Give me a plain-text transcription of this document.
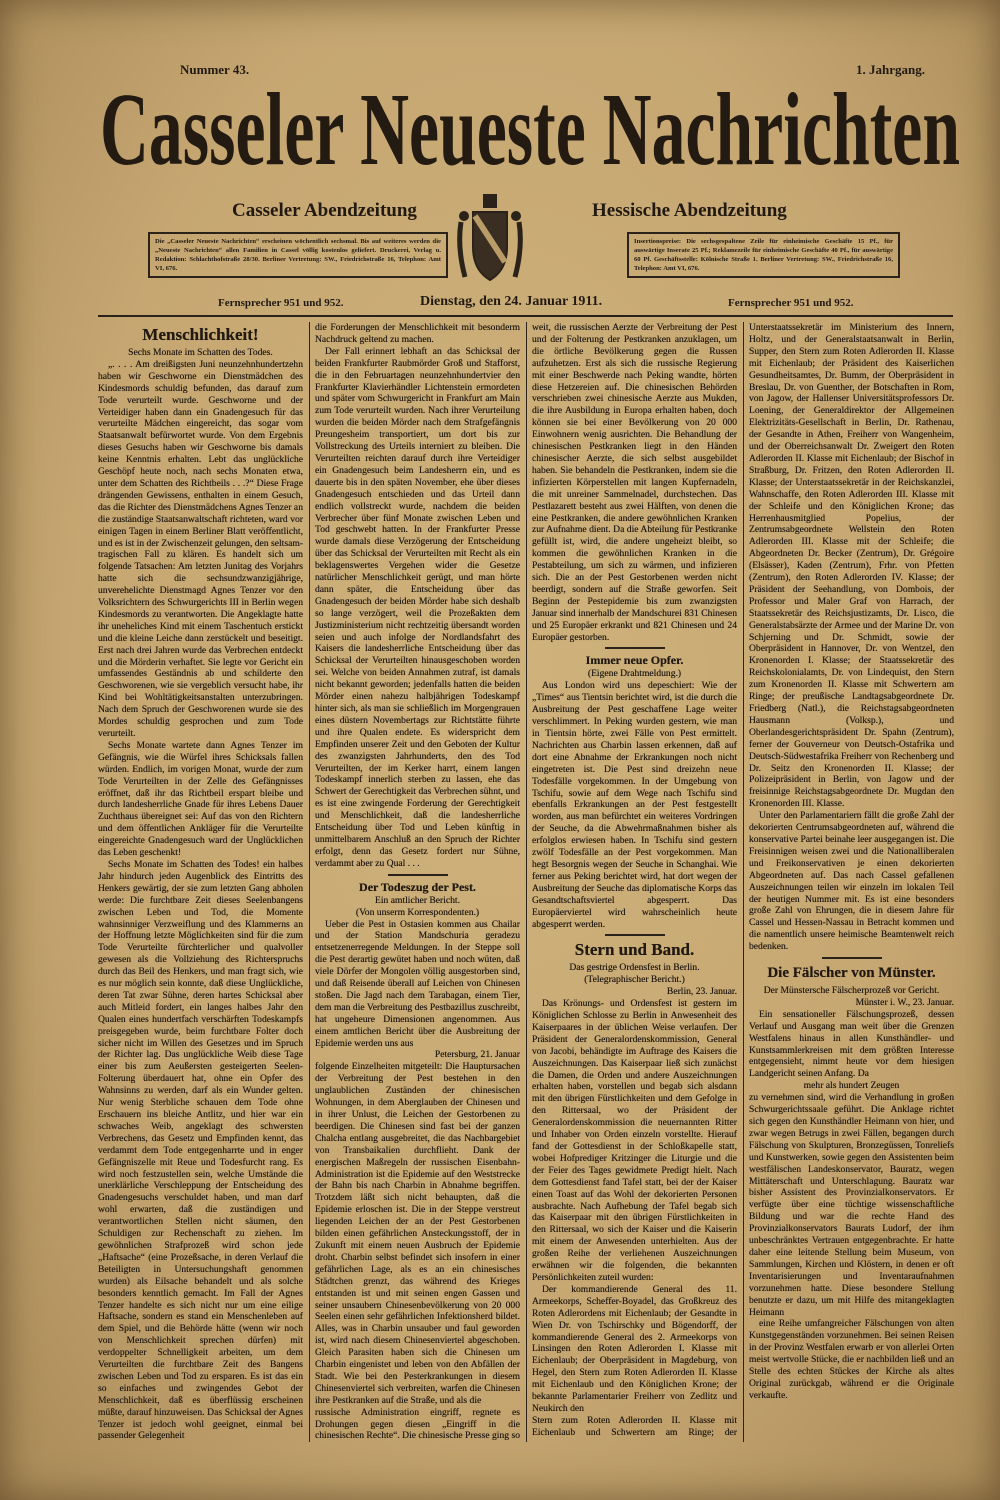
Nummer 43.	1. Jahrgang.
Casseler Neueste Nachrichten
Casseler Abendzeitung	Hessische Abendzeitung
Die „Casseler Neueste Nachrichten“ erscheinen wöchentlich sechsmal. Bis auf weiteres werden die „Neueste Nachrichten“ allen Familien in Cassel völlig kostenlos geliefert. Druckerei, Verlag u. Redaktion: Schlachthofstraße 28/30. Berliner Vertretung: SW., Friedrichstraße 16, Telephon: Amt VI, 676.
Insertionspreise: Die sechsgespaltene Zeile für einheimische Geschäfte 15 Pf., für auswärtige Inserate 25 Pf.; Reklamezeile für einheimische Geschäfte 40 Pf., für auswärtige 60 Pf. Geschäftsstelle: Kölnische Straße 1. Berliner Vertretung: SW., Friedrichstraße 16, Telephon: Amt VI, 676.
Fernsprecher 951 und 952.	Dienstag, den 24. Januar 1911.	Fernsprecher 951 und 952.
Menschlichkeit!

Sechs Monate im Schatten des Todes.

„. . . . Am dreißigsten Juni neunzehnhundertzehn haben wir Geschworne ein Dienstmädchen des Kindesmords schuldig befunden, das darauf zum Tode verurteilt wurde. Geschworne und der Verteidiger haben dann ein Gnadengesuch für das verurteilte Mädchen eingereicht, das sogar vom Staatsanwalt befürwortet wurde. Von dem Ergebnis dieses Gesuchs haben wir Geschworne bis damals keine Kenntnis erhalten. Lebt das unglückliche Geschöpf heute noch, nach sechs Monaten etwa, unter dem Schatten des Richtbeils . . .?“ Diese Frage drängenden Gewissens, enthalten in einem Gesuch, das die Richter des Dienstmädchens Agnes Tenzer an die zuständige Staatsanwaltschaft richteten, ward vor einigen Tagen in einem Berliner Blatt veröffentlicht, und es ist in der Zwischenzeit gelungen, den seltsam-tragischen Fall zu klären. Es handelt sich um folgende Tatsachen: Am letzten Junitag des Vorjahrs hatte sich die sechsundzwanzigjährige, unverehelichte Dienstmagd Agnes Tenzer vor den Volksrichtern des Schwurgerichts III in Berlin wegen Kindesmords zu verantworten. Die Angeklagte hatte ihr uneheliches Kind mit einem Taschentuch erstickt und die kleine Leiche dann zerstückelt und beseitigt. Erst nach drei Jahren wurde das Verbrechen entdeckt und die Mörderin verhaftet. Sie legte vor Gericht ein umfassendes Geständnis ab und schilderte den Geschworenen, wie sie vergeblich versucht habe, ihr Kind bei Wohltätigkeitsanstalten unterzubringen. Nach dem Spruch der Geschworenen wurde sie des Mordes schuldig gesprochen und zum Tode verurteilt.

Sechs Monate wartete dann Agnes Tenzer im Gefängnis, wie die Würfel ihres Schicksals fallen würden. Endlich, im vorigen Monat, wurde der zum Tode Verurteilten in der Zelle des Gefängnisses eröffnet, daß ihr das Richtbeil erspart bleibe und durch landesherrliche Gnade für ihres Lebens Dauer Zuchthaus übereignet sei: Auf das von den Richtern und dem öffentlichen Ankläger für die Verurteilte eingereichte Gnadengesuch ward der Unglücklichen das Leben geschenkt!

Sechs Monate im Schatten des Todes! ein halbes Jahr hindurch jeden Augenblick des Eintritts des Henkers gewärtig, der sie zum letzten Gang abholen werde: Die furchtbare Zeit dieses Seelenbangens zwischen Leben und Tod, die Momente wahnsinniger Verzweiflung und des Klammerns an der Hoffnung letzte Möglichkeiten sind für die zum Tode Verurteilte fürchterlicher und qualvoller gewesen als die Vollziehung des Richterspruchs durch das Beil des Henkers, und man fragt sich, wie es nur möglich sein konnte, daß diese Unglückliche, deren Tat zwar Sühne, deren hartes Schicksal aber auch Mitleid fordert, ein langes halbes Jahr den Qualen eines hundertfach verschärften Todeskampfs preisgegeben wurde, beim furchtbare Folter doch sicher nicht im Willen des Gesetzes und im Spruch der Richter lag. Das unglückliche Weib diese Tage einer bis zum Aeußersten gesteigerten Seelen-Folterung überdauert hat, ohne ein Opfer des Wahnsinns zu werden, darf als ein Wunder gelten. Nur wenig Sterbliche schauen dem Tode ohne Erschauern ins bleiche Antlitz, und hier war ein schwaches Weib, angeklagt des schwersten Verbrechens, das Gesetz und Empfinden kennt, das verdammt dem Tode entgegenharrte und in enger Gefängniszelle mit Reue und Todesfurcht rang. Es wird noch festzustellen sein, welche Umstände die unerklärliche Verschleppung der Entscheidung des Gnadengesuchs verschuldet haben, und man darf wohl erwarten, daß die zuständigen und verantwortlichen Stellen nicht säumen, den Schuldigen zur Rechenschaft zu ziehen. Im gewöhnlichen Strafprozeß wird schon jede „Haftsache“ (eine Prozeßsache, in deren Verlauf die Beteiligten in Untersuchungshaft genommen wurden) als Eilsache behandelt und als solche besonders kenntlich gemacht. Im Fall der Agnes Tenzer handelte es sich nicht nur um eine eilige Haftsache, sondern es stand ein Menschenleben auf dem Spiel, und die Behörde hätte (wenn wir noch von Menschlichkeit sprechen dürfen) mit verdoppelter Schnelligkeit arbeiten, um dem Verurteilten die furchtbare Zeit des Bangens zwischen Leben und Tod zu ersparen. Es ist das ein so einfaches und zwingendes Gebot der Menschlichkeit, daß es überflüssig erscheinen müßte, darauf hinzuweisen. Das Schicksal der Agnes Tenzer ist jedoch wohl geeignet, einmal bei passender Gelegenheit

die Forderungen der Menschlichkeit mit besonderm Nachdruck geltend zu machen.

Der Fall erinnert lebhaft an das Schicksal der beiden Frankfurter Raubmörder Groß und Stafforst, die in den Februartagen neunzehnhundertvier den Frankfurter Klavierhändler Lichtenstein ermordeten und später vom Schwurgericht in Frankfurt am Main zum Tode verurteilt wurden. Nach ihrer Verurteilung wurden die beiden Mörder nach dem Strafgefängnis Preungesheim transportiert, um dort bis zur Vollstreckung des Urteils interniert zu bleiben. Die Verurteilten reichten darauf durch ihre Verteidiger ein Gnadengesuch beim Landesherrn ein, und es dauerte bis in den späten November, ehe über dieses Gnadengesuch entschieden und das Urteil dann endlich vollstreckt wurde, nachdem die beiden Verbrecher über fünf Monate zwischen Leben und Tod geschwebt hatten. In der Frankfurter Presse wurde damals diese Verzögerung der Entscheidung über das Schicksal der Verurteilten mit Recht als ein beklagenswertes Vergehen wider die Gesetze natürlicher Menschlichkeit gerügt, und man hörte dann später, die Entscheidung über das Gnadengesuch der beiden Mörder habe sich deshalb so lange verzögert, weil die Prozeßakten dem Justizministerium nicht rechtzeitig übersandt worden seien und auch infolge der Nordlandsfahrt des Kaisers die landesherrliche Entscheidung über das Schicksal der Verurteilten hinausgeschoben worden sei. Welche von beiden Annahmen zutraf, ist damals nicht bekannt geworden; jedenfalls hatten die beiden Mörder einen nahezu halbjährigen Todeskampf hinter sich, als man sie schließlich im Morgengrauen eines düstern Novembertags zur Richtstätte führte und ihre Qualen endete. Es widerspricht dem Empfinden unserer Zeit und den Geboten der Kultur des zwanzigsten Jahrhunderts, den des Tod Verurteilten, der im Kerker harrt, einem langen Todeskampf innerlich sterben zu lassen, ehe das Schwert der Gerechtigkeit das Verbrechen sühnt, und es ist eine zwingende Forderung der Gerechtigkeit und Menschlichkeit, daß die landesherrliche Entscheidung über Tod und Leben künftig in unmittelbarem Anschluß an den Spruch der Richter erfolgt, denn das Gesetz fordert nur Sühne, verdammt aber zu Qual . . .

Der Todeszug der Pest.

Ein amtlicher Bericht.

(Von unserm Korrespondenten.)

Ueber die Pest in Ostasien kommen aus Chailar und der Station Mandschuria geradezu entsetzenerregende Meldungen. In der Steppe soll die Pest derartig gewütet haben und noch wüten, daß viele Dörfer der Mongolen völlig ausgestorben sind, und daß Reisende überall auf Leichen von Chinesen stoßen. Die Jagd nach dem Tarabagan, einem Tier, dem man die Verbreitung des Pestbazillus zuschreibt, hat ungeheure Dimensionen angenommen. Aus einem amtlichen Bericht über die Ausbreitung der Epidemie werden uns aus

Petersburg, 21. Januar

folgende Einzelheiten mitgeteilt: Die Hauptursachen der Verbreitung der Pest bestehen in den unglaublichen Zuständen der chinesischen Wohnungen, in dem Aberglauben der Chinesen und in ihrer Unlust, die Leichen der Gestorbenen zu beerdigen. Die Chinesen sind fast bei der ganzen Chalcha entlang ausgebreitet, die das Nachbargebiet von Transbaikalien durchflieht. Dank der energischen Maßregeln der russischen Eisenbahn-Administration ist die Epidemie auf den Weststrecke der Bahn bis nach Charbin in Abnahme begriffen. Trotzdem läßt sich nicht behaupten, daß die Epidemie erloschen ist. Die in der Steppe verstreut liegenden Leichen der an der Pest Gestorbenen bilden einen gefährlichen Ansteckungsstoff, der in Zukunft mit einem neuen Ausbruch der Epidemie droht. Charbin selbst befindet sich insofern in einer gefährlichen Lage, als es an ein chinesisches Städtchen grenzt, das während des Krieges entstanden ist und mit seinen engen Gassen und seiner unsaubern Chinesenbevölkerung von 20 000 Seelen einen sehr gefährlichen Infektionsherd bildet. Alles, was in Charbin unsauber und faul geworden ist, wird nach diesem Chinesenviertel abgeschoben. Gleich Parasiten haben sich die Chinesen um Charbin eingenistet und leben von den Abfällen der Stadt. Wie bei den Pesterkrankungen in diesem Chinesenviertel sich verbreiten, warfen die Chinesen ihre Pestkranken auf die Straße, und als die

russische Administration eingriff, regnete es Drohungen gegen diesen „Eingriff in die chinesischen Rechte“. Die chinesische Presse ging so weit, die russischen Aerzte der Verbreitung der Pest und der Folterung der Pestkranken anzuklagen, um die örtliche Bevölkerung gegen die Russen aufzuhetzen. Erst als sich die russische Regierung mit einer Beschwerde nach Peking wandte, hörten diese Hetzereien auf. Die chinesischen Behörden verschrieben zwei chinesische Aerzte aus Mukden, die ihre Ausbildung in Europa erhalten haben, doch können sie bei einer Bevölkerung von 20 000 Einwohnern wenig ausrichten. Die Behandlung der chinesischen Pestkranken liegt in den Händen chinesischer Aerzte, die sich selbst ausgebildet haben. Sie behandeln die Pestkranken, indem sie die infizierten Körperstellen mit langen Kupfernadeln, die mit unreiner Sammelnadel, durchstechen. Das Pestlazarett besteht aus zwei Hälften, von denen die eine Pestkranken, die andere gewöhnlichen Kranken zur Aufnahme dient. Da die Abteilung für Pestkranke gefüllt ist, wird, die andere ungeheizt bleibt, so kommen die gewöhnlichen Kranken in die Pestabteilung, um sich zu wärmen, und infizieren sich. Die an der Pest Gestorbenen werden nicht beerdigt, sondern auf die Straße geworfen. Seit Beginn der Pestepidemie bis zum zwanzigsten Januar sind innerhalb der Mandschurei 831 Chinesen und 25 Europäer erkrankt und 821 Chinesen und 24 Europäer gestorben.

Immer neue Opfer.

(Eigene Drahtmeldung.)

Aus London wird uns depeschiert: Wie der „Times“ aus Tientsin berichtet wird, ist die durch die Ausbreitung der Pest geschaffene Lage weiter verschlimmert. In Peking wurden gestern, wie man in Tientsin hörte, zwei Fälle von Pest ermittelt. Nachrichten aus Charbin lassen erkennen, daß auf dort eine Abnahme der Erkrankungen noch nicht eingetreten ist. Die Pest sind dreizehn neue Todesfälle vorgekommen. In der Umgebung von Tschifu, sowie auf dem Wege nach Tschifu sind ebenfalls Erkrankungen an der Pest festgestellt worden, aus man befürchtet ein weiteres Vordringen der Seuche, da die Abwehrmaßnahmen bisher als erfolglos erwiesen haben. In Tschifu sind gestern zwölf Todesfälle an der Pest vorgekommen. Man hegt Besorgnis wegen der Seuche in Schanghai. Wie ferner aus Peking berichtet wird, hat dort wegen der Ausbreitung der Seuche das diplomatische Korps das Gesandtschaftsviertel abgesperrt. Das Europäerviertel wird wahrscheinlich heute abgesperrt werden.

Stern und Band.

Das gestrige Ordensfest in Berlin.

(Telegraphischer Bericht.)

Berlin, 23. Januar.

Das Krönungs- und Ordensfest ist gestern im Königlichen Schlosse zu Berlin in Anwesenheit des Kaiserpaares in der üblichen Weise verlaufen. Der Präsident der Generalordenskommission, General von Jacobi, behändigte im Auftrage des Kaisers die Auszeichnungen. Das Kaiserpaar ließ sich zunächst die Damen, die Orden und andere Auszeichnungen erhalten haben, vorstellen und begab sich alsdann mit den übrigen Fürstlichkeiten und dem Gefolge in den Rittersaal, wo der Präsident der Generalordenskommission die neuernannten Ritter und Inhaber von Orden einzeln vorstellte. Hierauf fand der Gottesdienst in der Schloßkapelle statt, wobei Hofprediger Kritzinger die Liturgie und die der Feier des Tages gewidmete Predigt hielt. Nach dem Gottesdienst fand Tafel statt, bei der der Kaiser einen Toast auf das Wohl der dekorierten Personen ausbrachte. Nach Aufhebung der Tafel begab sich das Kaiserpaar mit den übrigen Fürstlichkeiten in den Rittersaal, wo sich der Kaiser und die Kaiserin mit einem der Anwesenden unterhielten. Aus der großen Reihe der verliehenen Auszeichnungen erwähnen wir die folgenden, die bekannten Persönlichkeiten zuteil wurden:

Der kommandierende General des 11. Armeekorps, Scheffer-Boyadel, das Großkreuz des Roten Adlerordens mit Eichenlaub; der Gesandte in Wien Dr. von Tschirschky und Bögendorff, der kommandierende General des 2. Armeekorps von Linsingen den Roten Adlerorden I. Klasse mit Eichenlaub; der Oberpräsident in Magdeburg, von Hegel, den Stern zum Roten Adlerorden II. Klasse mit Eichenlaub und den Königlichen Krone; der bekannte Parlamentarier Freiherr von Zedlitz und Neukirch den

Stern zum Roten Adlerorden II. Klasse mit Eichenlaub und Schwertern am Ringe; der Unterstaatssekretär im Ministerium des Innern, Holtz, und der Generalstaatsanwalt in Berlin, Supper, den Stern zum Roten Adlerorden II. Klasse mit Eichenlaub; der Präsident des Kaiserlichen Gesundheitsamtes, Dr. Bumm, der Oberpräsident in Breslau, Dr. von Guenther, der Botschaften in Rom, von Jagow, der Hallenser Universitätsprofessors Dr. Loening, der Generaldirektor der Allgemeinen Elektrizitäts-Gesellschaft in Berlin, Dr. Rathenau, der Gesandte in Athen, Freiherr von Wangenheim, und der Oberreichsanwalt Dr. Zweigert den Roten Adlerorden II. Klasse mit Eichenlaub; der Bischof in Straßburg, Dr. Fritzen, den Roten Adlerorden II. Klasse; der Unterstaatssekretär in der Reichskanzlei, Wahnschaffe, den Roten Adlerorden III. Klasse mit der Schleife und den Königlichen Krone; das Herrenhausmitglied Popelius, der Zentrumsabgeordnete Wellstein den Roten Adlerorden III. Klasse mit der Schleife; die Abgeordneten Dr. Becker (Zentrum), Dr. Grégoire (Elsässer), Kaden (Zentrum), Frhr. von Pfetten (Zentrum), den Roten Adlerorden IV. Klasse; der Präsident der Seehandlung, von Dombois, der Professor und Maler Graf von Harrach, der Staatssekretär des Reichsjustizamts, Dr. Lisco, die Generalstabsärzte der Armee und der Marine Dr. von Schjerning und Dr. Schmidt, sowie der Oberpräsident in Hannover, Dr. von Wentzel, den Kronenorden I. Klasse; der Staatssekretär des Reichskolonialamts, Dr. von Lindequist, den Stern zum Kronenorden II. Klasse mit Schwertern am Ringe; der preußische Landtagsabgeordnete Dr. Friedberg (Natl.), die Reichstagsabgeordneten Hausmann (Volksp.), und Oberlandesgerichtspräsident Dr. Spahn (Zentrum), ferner der Gouverneur von Deutsch-Ostafrika und Deutsch-Südwestafrika Freiherr von Rechenberg und Dr. Seitz den Kronenorden II. Klasse; der Polizeipräsident in Berlin, von Jagow und der freisinnige Reichstagsabgeordnete Dr. Mugdan den Kronenorden III. Klasse.

Unter den Parlamentariern fällt die große Zahl der dekorierten Centrumsabgeordneten auf, während die konservative Partei beinahe leer ausgegangen ist. Die Freisinnigen weisen zwei und die Nationalliberalen und Freikonservativen je einen dekorierten Abgeordneten auf. Das nach Cassel gefallenen Auszeichnungen teilen wir einzeln im lokalen Teil der heutigen Nummer mit. Es ist eine besonders große Zahl von Ehrungen, die in diesem Jahre für Cassel und Hessen-Nassau in Betracht kommen und die namentlich unsere heimische Beamtenwelt reich bedenken.

Die Fälscher von Münster.

Der Münstersche Fälscherprozeß vor Gericht.

Münster i. W., 23. Januar.

Ein sensationeller Fälschungsprozeß, dessen Verlauf und Ausgang man weit über die Grenzen Westfalens hinaus in allen Kunsthändler- und Kunstsammlerkreisen mit dem größten Interesse entgegensieht, nimmt heute vor dem hiesigen Landgericht seinen Anfang. Da

mehr als hundert Zeugen

zu vernehmen sind, wird die Verhandlung in großen Schwurgerichtssaale geführt. Die Anklage richtet sich gegen den Kunsthändler Heimann von hier, und zwar wegen Betrugs in zwei Fällen, begangen durch Fälschung von Skulpturen, Bronzegüssen, Tonreliefs und Kunstwerken, sowie gegen den Assistenten beim westfälischen Landeskonservator, Bauratz, wegen Mittäterschaft und Unterschlagung. Bauratz war bisher Assistent des Provinzialkonservators. Er verfügte über eine tüchtige wissenschaftliche Bildung und war die rechte Hand des Provinzialkonservators Baurats Ludorf, der ihm unbeschränktes Vertrauen entgegenbrachte. Er hatte daher eine leitende Stellung beim Museum, von Sammlungen, Kirchen und Klöstern, in denen er oft Inventarisierungen und Inventaraufnahmen vorzunehmen hatte. Diese besondere Stellung benutzte er dazu, um mit Hilfe des mitangeklagten Heimann

eine Reihe umfangreicher Fälschungen von alten Kunstgegenständen vorzunehmen. Bei seinen Reisen in der Provinz Westfalen erwarb er von allerlei Orten meist wertvolle Stücke, die er nachbilden ließ und an Stelle des echten Stückes der Kirche als altes Original zurückgab, während er die Originale verkaufte.
